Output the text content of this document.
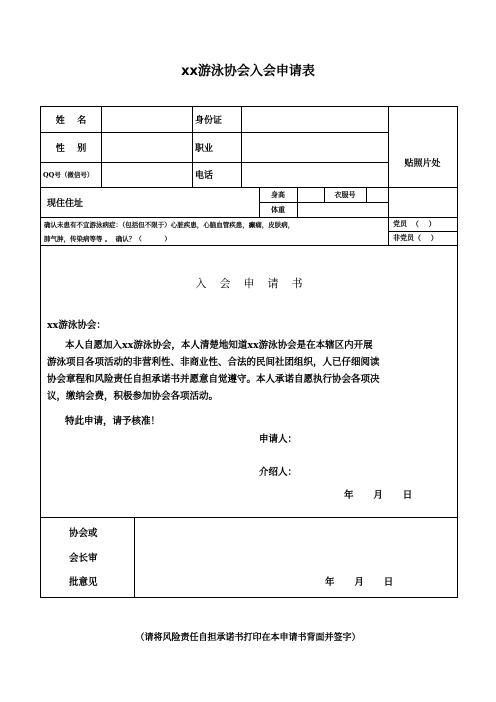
xx游泳协会入会申请表
姓    名	身份证
贴照片处
性    别	职业
QQ号（微信号）	电话
现住住址
身高	衣服号
体重
确认未患有不宜游泳病症：（包括但不限于）心脏疾患，心脑血管疾患，癫痫，皮肤病，
肺气肿，传染病等等 。  确认？（          ）
党员  （    ）
非党员（    ）
入会申请书
xx游泳协会：
本人自愿加入xx游泳协会，本人清楚地知道xx游泳协会是在本辖区内开展
游泳项目各项活动的非营利性、非商业性、合法的民间社团组织，人已仔细阅读
协会章程和风险责任自担承诺书并愿意自觉遵守。本人承诺自愿执行协会各项决
议，缴纳会费，积极参加协会各项活动。
特此申请，请予核准！
申请人：
介绍人：
年      月      日
协会或
会长审
批意见	年      月      日
（请将风险责任自担承诺书打印在本申请书背面并签字）
